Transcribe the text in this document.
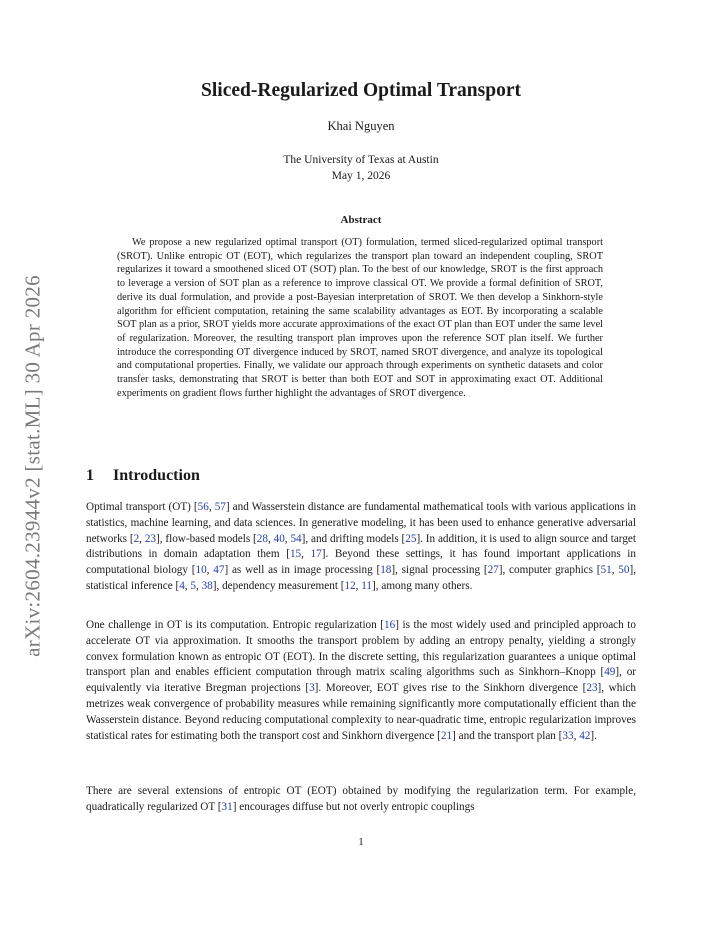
arXiv:2604.23944v2 [stat.ML] 30 Apr 2026
Sliced-Regularized Optimal Transport
Khai Nguyen
The University of Texas at Austin
May 1, 2026
Abstract

We propose a new regularized optimal transport (OT) formulation, termed sliced-regularized optimal transport (SROT). Unlike entropic OT (EOT), which regularizes the transport plan toward an independent coupling, SROT regularizes it toward a smoothened sliced OT (SOT) plan. To the best of our knowledge, SROT is the first approach to leverage a version of SOT plan as a reference to improve classical OT. We provide a formal definition of SROT, derive its dual formulation, and provide a post-Bayesian interpretation of SROT. We then develop a Sinkhorn-style algorithm for efficient computation, retaining the same scalability advantages as EOT. By incorporating a scalable SOT plan as a prior, SROT yields more accurate approximations of the exact OT plan than EOT under the same level of regularization. Moreover, the resulting transport plan improves upon the reference SOT plan itself. We further introduce the corresponding OT divergence induced by SROT, named SROT divergence, and analyze its topological and computational properties. Finally, we validate our approach through experiments on synthetic datasets and color transfer tasks, demonstrating that SROT is better than both EOT and SOT in approximating exact OT. Additional experiments on gradient flows further highlight the advantages of SROT divergence.

1 Introduction

Optimal transport (OT) [56, 57] and Wasserstein distance are fundamental mathematical tools with various applications in statistics, machine learning, and data sciences. In generative modeling, it has been used to enhance generative adversarial networks [2, 23], flow-based models [28, 40, 54], and drifting models [25]. In addition, it is used to align source and target distributions in domain adaptation them [15, 17]. Beyond these settings, it has found important applications in computational biology [10, 47] as well as in image processing [18], signal processing [27], computer graphics [51, 50], statistical inference [4, 5, 38], dependency measurement [12, 11], among many others.

One challenge in OT is its computation. Entropic regularization [16] is the most widely used and principled approach to accelerate OT via approximation. It smooths the transport problem by adding an entropy penalty, yielding a strongly convex formulation known as entropic OT (EOT). In the discrete setting, this regularization guarantees a unique optimal transport plan and enables efficient computation through matrix scaling algorithms such as Sinkhorn–Knopp [49], or equivalently via iterative Bregman projections [3]. Moreover, EOT gives rise to the Sinkhorn divergence [23], which metrizes weak convergence of probability measures while remaining significantly more computationally efficient than the Wasserstein distance. Beyond reducing computational complexity to near-quadratic time, entropic regularization improves statistical rates for estimating both the transport cost and Sinkhorn divergence [21] and the transport plan [33, 42].

There are several extensions of entropic OT (EOT) obtained by modifying the regularization term. For example, quadratically regularized OT [31] encourages diffuse but not overly entropic couplings

1
